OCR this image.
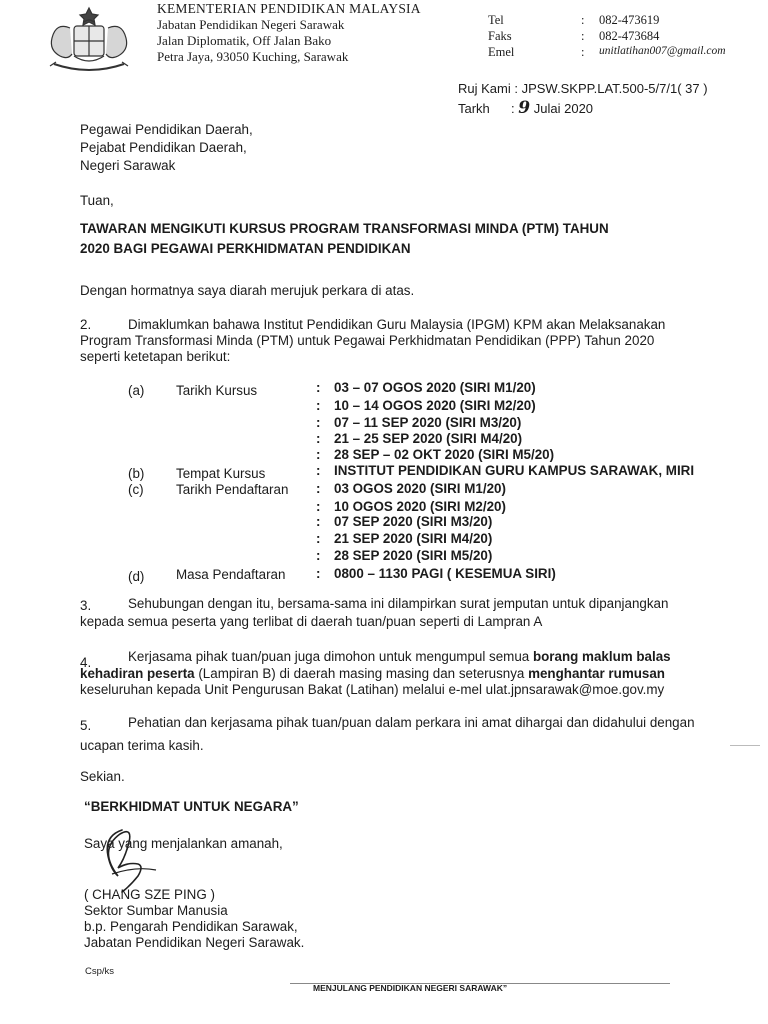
KEMENTERIAN PENDIDIKAN MALAYSIA
Jabatan Pendidikan Negeri Sarawak
Jalan Diplomatik, Off Jalan Bako
Petra Jaya, 93050 Kuching, Sarawak
Tel	: 082-473619
Faks	: 082-473684
Emel	: unitlatihan007@gmail.com
Ruj Kami : JPSW.SKPP.LAT.500-5/7/1( 37 )
Tarkh : 9 Julai 2020
Pegawai Pendidikan Daerah,
Pejabat Pendidikan Daerah,
Negeri Sarawak
Tuan,
TAWARAN MENGIKUTI KURSUS PROGRAM TRANSFORMASI MINDA (PTM) TAHUN
2020 BAGI PEGAWAI PERKHIDMATAN PENDIDIKAN
Dengan hormatnya saya diarah merujuk perkara di atas.
2.	Dimaklumkan bahawa Institut Pendidikan Guru Malaysia (IPGM) KPM akan Melaksanakan
Program Transformasi Minda (PTM) untuk Pegawai Perkhidmatan Pendidikan (PPP) Tahun 2020
seperti ketetapan berikut:
(a) Tarikh Kursus	: 03 – 07 OGOS 2020 (SIRI M1/20)
: 10 – 14 OGOS 2020 (SIRI M2/20)
: 07 – 11 SEP 2020 (SIRI M3/20)
: 21 – 25 SEP 2020 (SIRI M4/20)
: 28 SEP – 02 OKT 2020 (SIRI M5/20)
(b) Tempat Kursus	: INSTITUT PENDIDIKAN GURU KAMPUS SARAWAK, MIRI
(c) Tarikh Pendaftaran : 03 OGOS 2020 (SIRI M1/20)
: 10 OGOS 2020 (SIRI M2/20)
: 07 SEP 2020 (SIRI M3/20)
: 21 SEP 2020 (SIRI M4/20)
: 28 SEP 2020 (SIRI M5/20)
(d) Masa Pendaftaran : 0800 – 1130 PAGI ( KESEMUA SIRI)
3.	Sehubungan dengan itu, bersama-sama ini dilampirkan surat jemputan untuk dipanjangkan
kepada semua peserta yang terlibat di daerah tuan/puan seperti di Lampran A
4.	Kerjasama pihak tuan/puan juga dimohon untuk mengumpul semua borang maklum balas
kehadiran peserta (Lampiran B) di daerah masing masing dan seterusnya menghantar rumusan
keseluruhan kepada Unit Pengurusan Bakat (Latihan) melalui e-mel ulat.jpnsarawak@moe.gov.my
5.	Pehatian dan kerjasama pihak tuan/puan dalam perkara ini amat dihargai dan didahului dengan
ucapan terima kasih.
Sekian.
“BERKHIDMAT UNTUK NEGARA”
Saya yang menjalankan amanah,
( CHANG SZE PING )
Sektor Sumbar Manusia
b.p. Pengarah Pendidikan Sarawak,
Jabatan Pendidikan Negeri Sarawak.
Csp/ks
MENJULANG PENDIDIKAN NEGERI SARAWAK”
